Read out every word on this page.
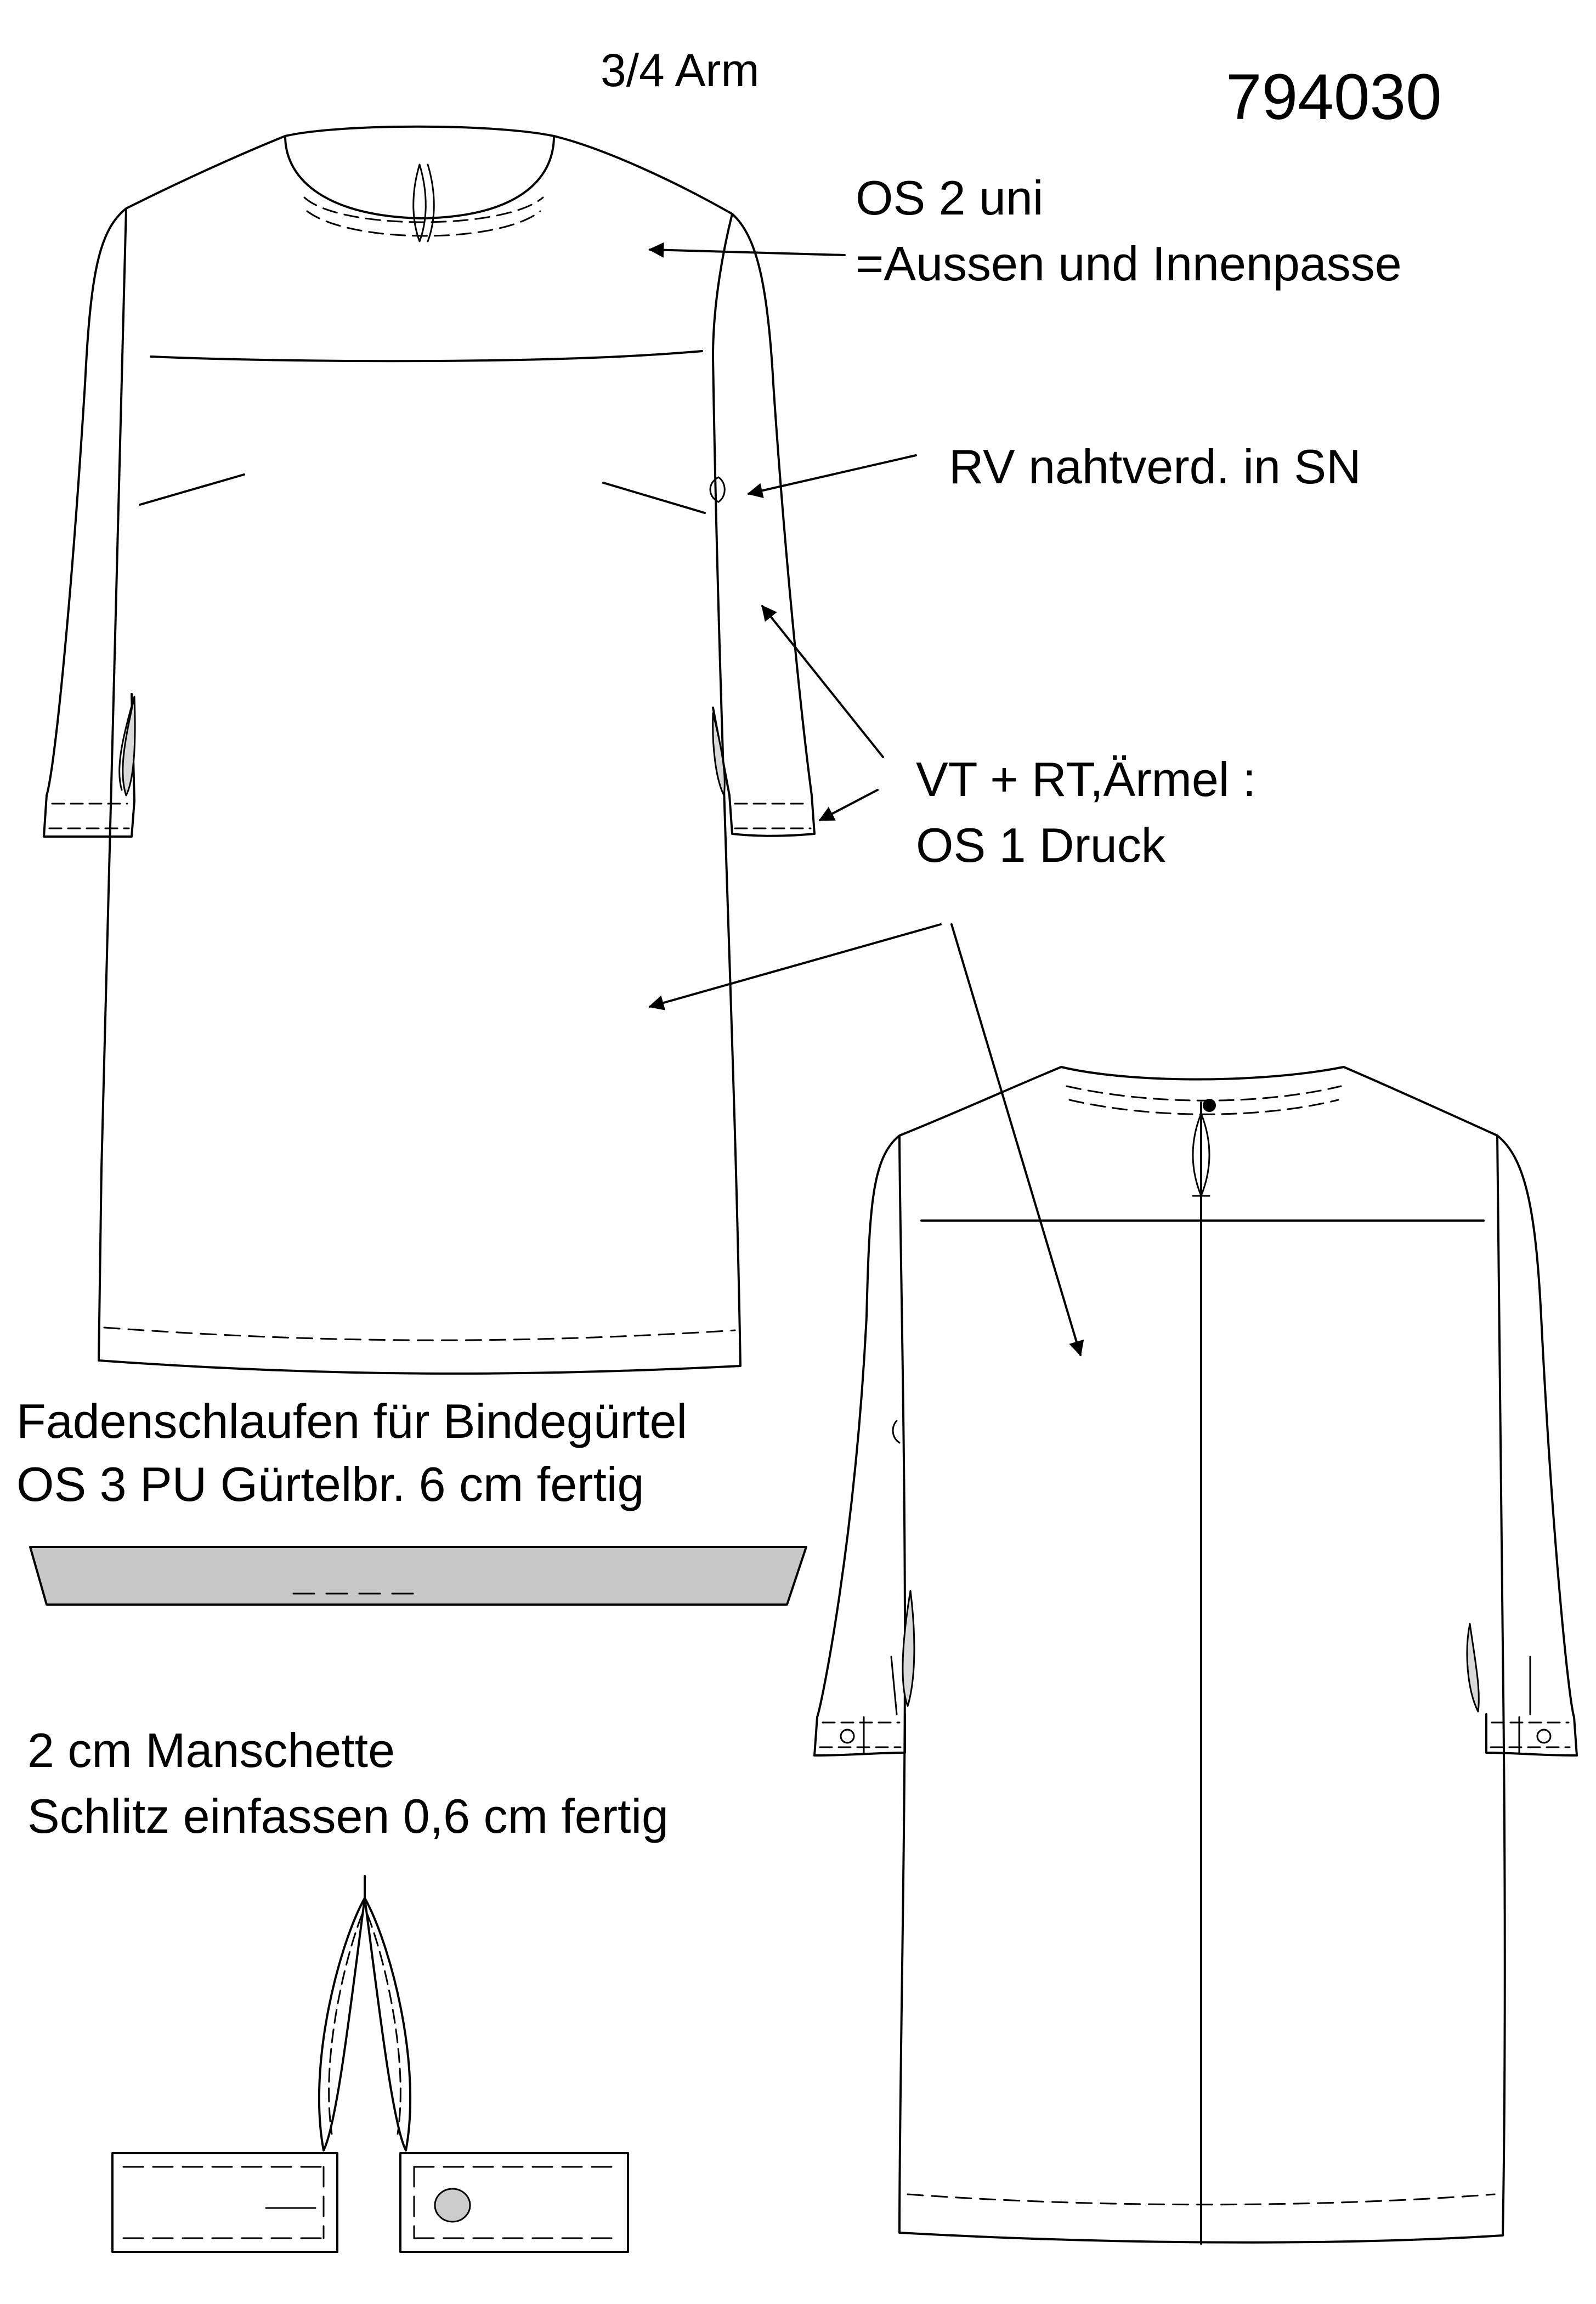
794030
3/4 Arm
OS 2 uni
=Aussen und Innenpasse
RV nahtverd. in SN
VT + RT,Ärmel :
OS 1 Druck
Fadenschlaufen für Bindegürtel
OS 3 PU Gürtelbr. 6 cm fertig
2 cm Manschette
Schlitz einfassen 0,6 cm fertig
